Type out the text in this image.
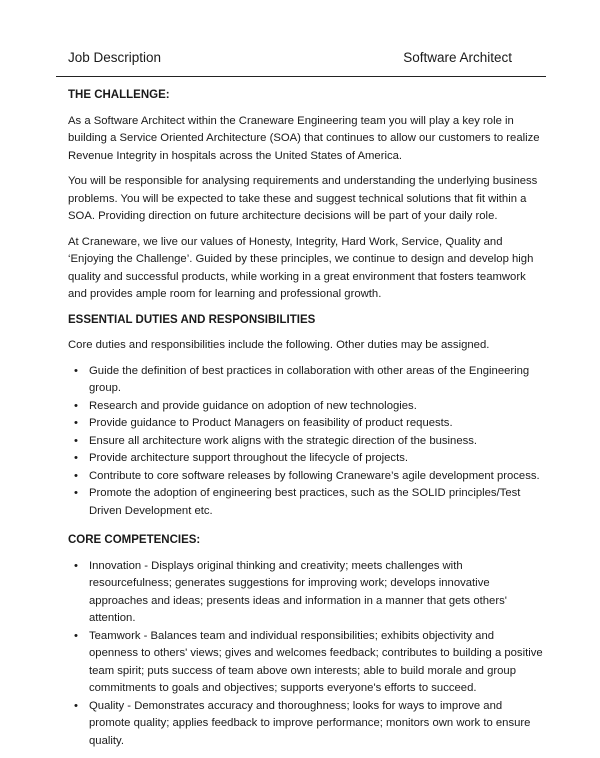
Job Description	Software Architect
THE CHALLENGE:

As a Software Architect within the Craneware Engineering team you will play a key role in building a Service Oriented Architecture (SOA) that continues to allow our customers to realize Revenue Integrity in hospitals across the United States of America.

You will be responsible for analysing requirements and understanding the underlying business problems. You will be expected to take these and suggest technical solutions that fit within a SOA. Providing direction on future architecture decisions will be part of your daily role.

At Craneware, we live our values of Honesty, Integrity, Hard Work, Service, Quality and ‘Enjoying the Challenge’. Guided by these principles, we continue to design and develop high quality and successful products, while working in a great environment that fosters teamwork and provides ample room for learning and professional growth.

ESSENTIAL DUTIES AND RESPONSIBILITIES

Core duties and responsibilities include the following. Other duties may be assigned.

• Guide the definition of best practices in collaboration with other areas of the Engineering group.
• Research and provide guidance on adoption of new technologies.
• Provide guidance to Product Managers on feasibility of product requests.
• Ensure all architecture work aligns with the strategic direction of the business.
• Provide architecture support throughout the lifecycle of projects.
• Contribute to core software releases by following Craneware’s agile development process.
• Promote the adoption of engineering best practices, such as the SOLID principles/Test Driven Development etc.
CORE COMPETENCIES:
• Innovation - Displays original thinking and creativity; meets challenges with resourcefulness; generates suggestions for improving work; develops innovative approaches and ideas; presents ideas and information in a manner that gets others' attention.
• Teamwork - Balances team and individual responsibilities; exhibits objectivity and openness to others' views; gives and welcomes feedback; contributes to building a positive team spirit; puts success of team above own interests; able to build morale and group commitments to goals and objectives; supports everyone's efforts to succeed.
• Quality - Demonstrates accuracy and thoroughness; looks for ways to improve and promote quality; applies feedback to improve performance; monitors own work to ensure quality.
